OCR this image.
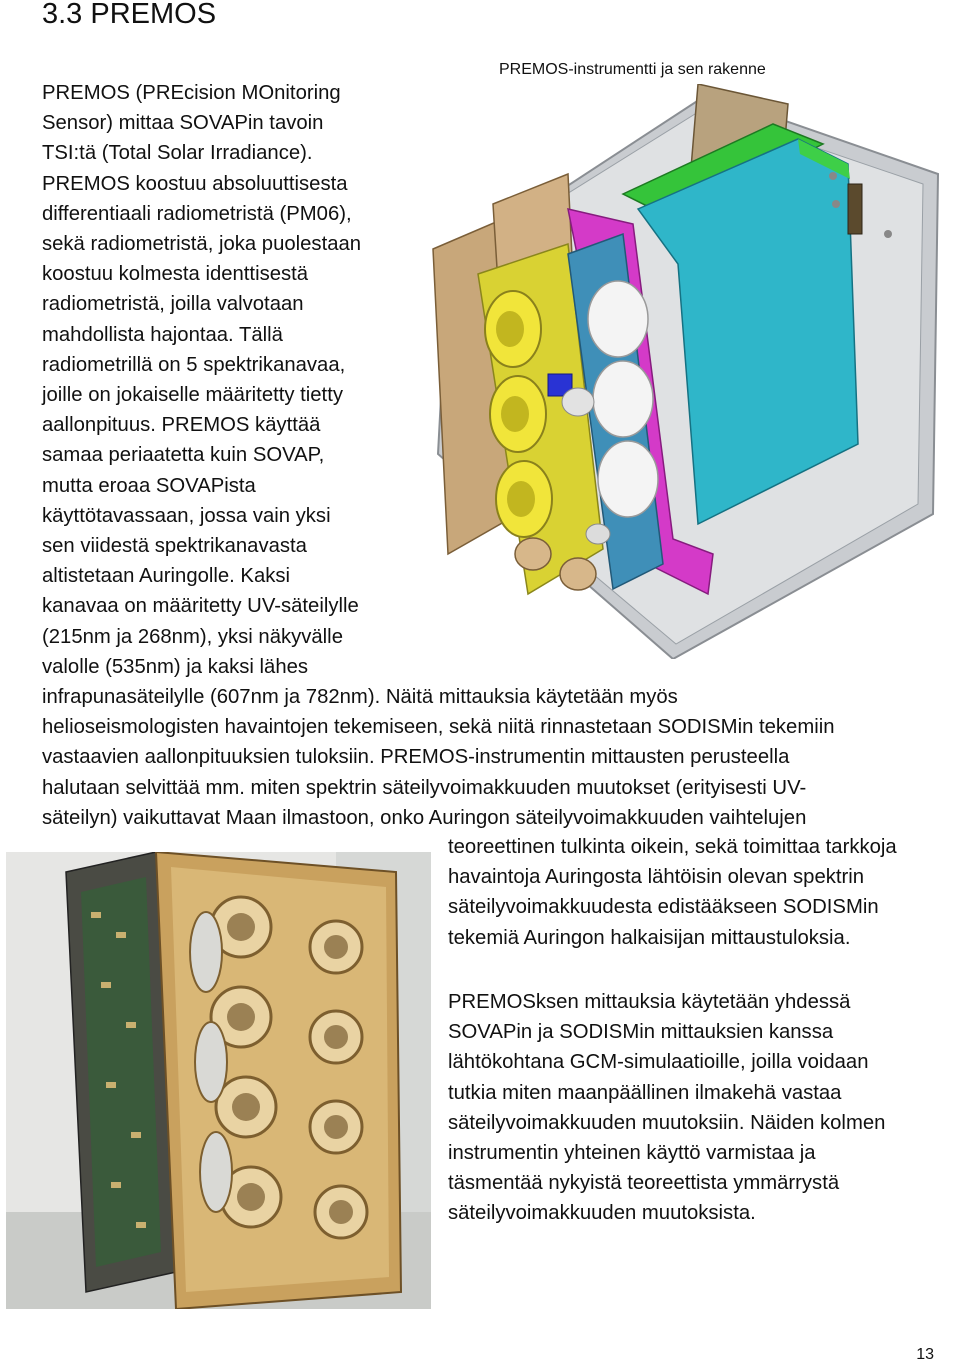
3.3 PREMOS
PREMOS-instrumentti ja sen rakenne
PREMOS (PREcision MOnitoring
Sensor) mittaa SOVAPin tavoin
TSI:tä (Total Solar Irradiance).
PREMOS koostuu absoluuttisesta
differentiaali radiometristä (PM06),
sekä radiometristä, joka puolestaan
koostuu kolmesta identtisestä
radiometristä, joilla valvotaan
mahdollista hajontaa. Tällä
radiometrillä on 5 spektrikanavaa,
joille on jokaiselle määritetty tietty
aallonpituus. PREMOS käyttää
samaa periaatetta kuin SOVAP,
mutta eroaa SOVAPista
käyttötavassaan, jossa vain yksi
sen viidestä spektrikanavasta
altistetaan Auringolle. Kaksi
kanavaa on määritetty UV-säteilylle
(215nm ja 268nm), yksi näkyvälle
valolle (535nm) ja kaksi lähes
infrapunasäteilylle (607nm ja 782nm). Näitä mittauksia käytetään myös
helioseismologisten havaintojen tekemiseen, sekä niitä rinnastetaan SODISMin tekemiin
vastaavien aallonpituuksien tuloksiin. PREMOS-instrumentin mittausten perusteella
halutaan selvittää mm. miten spektrin säteilyvoimakkuuden muutokset (erityisesti UV-
säteilyn) vaikuttavat Maan ilmastoon, onko Auringon säteilyvoimakkuuden vaihtelujen
teoreettinen tulkinta oikein, sekä toimittaa tarkkoja
havaintoja Auringosta lähtöisin olevan spektrin
säteilyvoimakkuudesta edistääkseen SODISMin
tekemiä Auringon halkaisijan mittaustuloksia.
PREMOSksen mittauksia käytetään yhdessä
SOVAPin ja SODISMin mittauksien kanssa
lähtökohtana GCM-simulaatioille, joilla voidaan
tutkia miten maanpäällinen ilmakehä vastaa
säteilyvoimakkuuden muutoksiin. Näiden kolmen
instrumentin yhteinen käyttö varmistaa ja
täsmentää nykyistä teoreettista ymmärrystä
säteilyvoimakkuuden muutoksista.
13
